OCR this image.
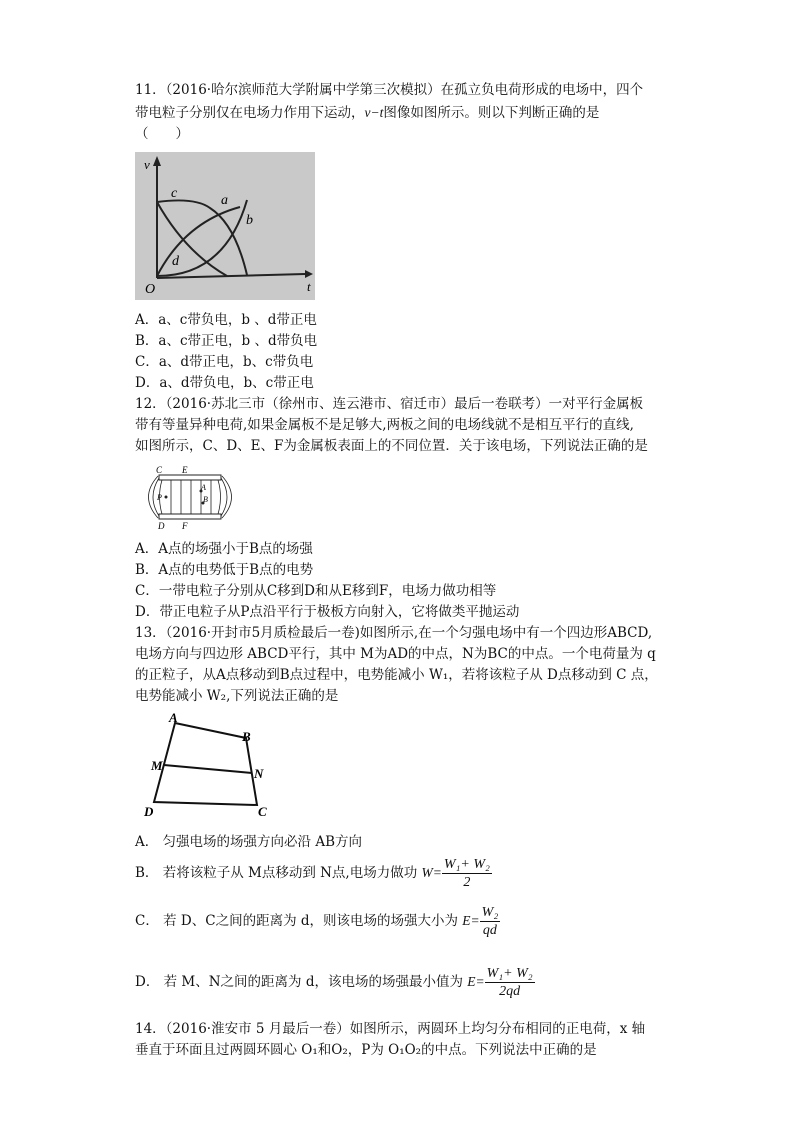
11．（2016·哈尔滨师范大学附属中学第三次模拟）在孤立负电荷形成的电场中，四个
带电粒子分别仅在电场力作用下运动，v−t图像如图所示。则以下判断正确的是
（　　）
v
t
O
c	a
b
d
A．a、c带负电，b 、d带正电
B．a、c带正电，b 、d带负电
C．a、d带正电，b、c带负电
D．a、d带负电，b、c带正电
12．（2016·苏北三市（徐州市、连云港市、宿迁市）最后一卷联考）一对平行金属板
带有等量异种电荷,如果金属板不是足够大,两板之间的电场线就不是相互平行的直线,
如图所示，C、D、E、F为金属板表面上的不同位置．关于该电场，下列说法正确的是
C E
A
B
P
D F
A．A点的场强小于B点的场强
B．A点的电势低于B点的电势
C．一带电粒子分别从C移到D和从E移到F，电场力做功相等
D．带正电粒子从P点沿平行于极板方向射入，它将做类平抛运动
13．（2016·开封市5月质检最后一卷)如图所示,在一个匀强电场中有一个四边形ABCD,
电场方向与四边形 ABCD平行，其中 M为AD的中点，N为BC的中点。一个电荷量为 q
的正粒子，从A点移动到B点过程中，电势能减小 W₁，若将该粒子从 D点移动到 C 点，
电势能减小 W₂,下列说法正确的是
A
B
M
N
D	C
A． 匀强电场的场强方向必沿 AB方向
B． 若将该粒子从 M点移动到 N点,电场力做功 $W= \frac{\text{W₁+ W₂}}{2}$
C． 若 D、C之间的距离为 d，则该电场的场强大小为 $E= \frac{\text{W₂}}{qd}$
D． 若 M、N之间的距离为 d，该电场的场强最小值为 $E= \frac{\text{W₁+ W₂}}{2qd}$
14．（2016·淮安市 5 月最后一卷）如图所示，两圆环上均匀分布相同的正电荷，x 轴
垂直于环面且过两圆环圆心 O₁和O₂，P为 O₁O₂的中点。下列说法中正确的是
